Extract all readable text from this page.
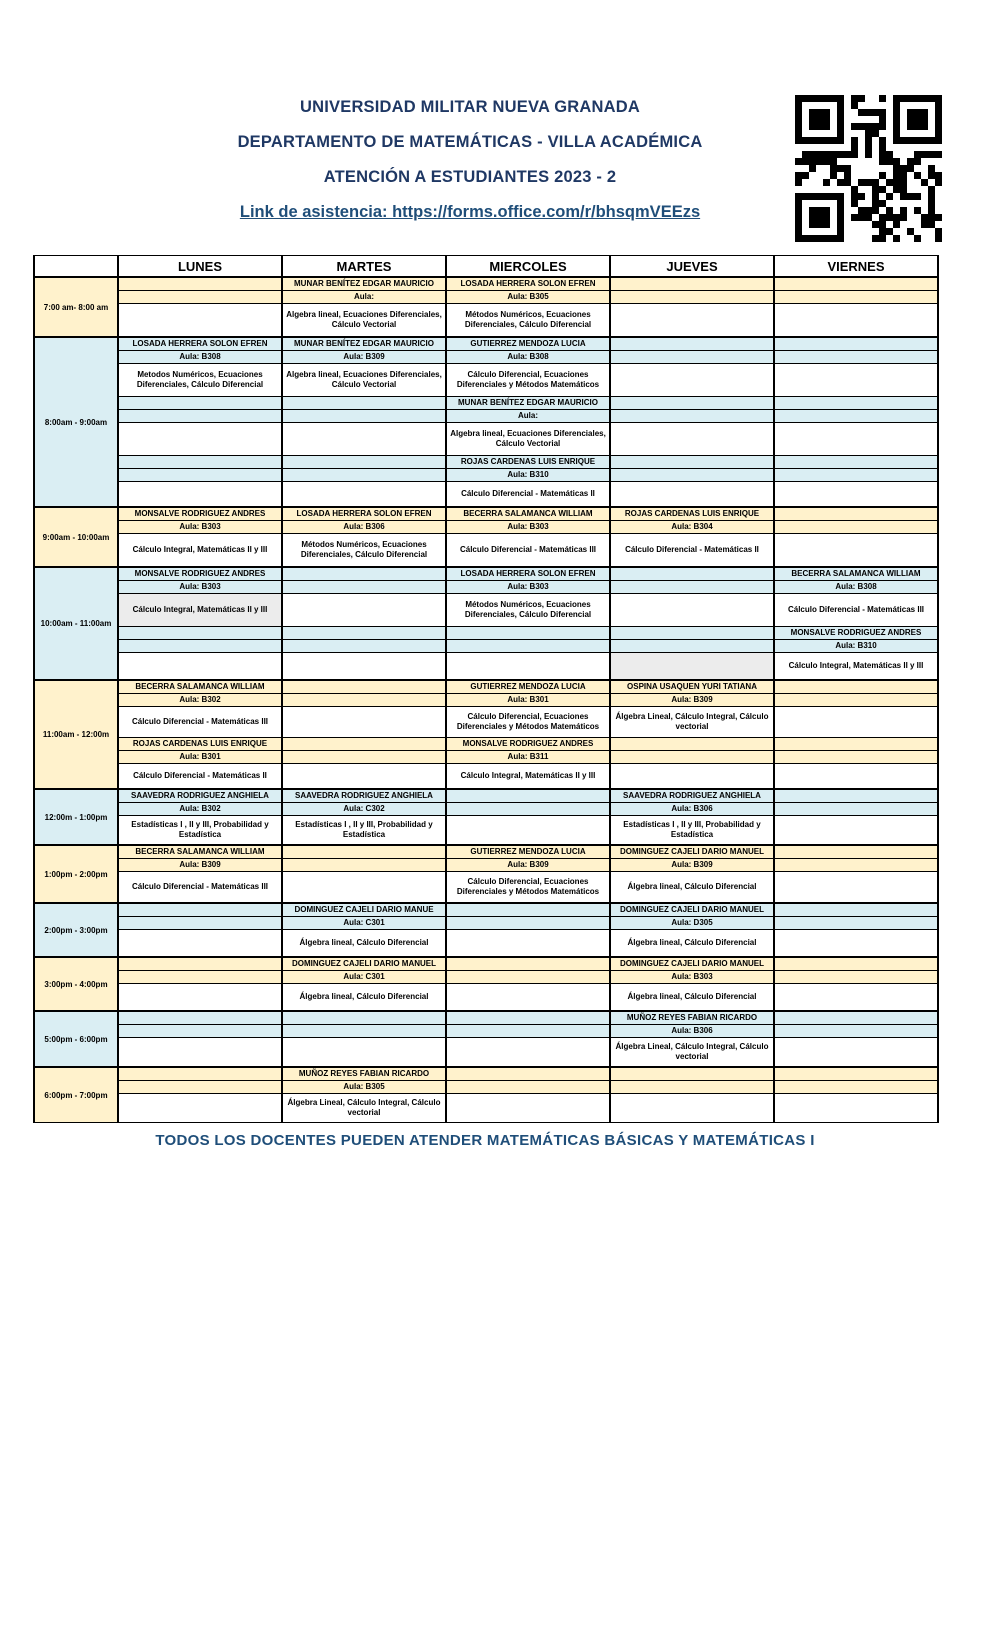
UNIVERSIDAD MILITAR NUEVA GRANADA
DEPARTAMENTO DE MATEMÁTICAS - VILLA ACADÉMICA
ATENCIÓN A ESTUDIANTES 2023 - 2
Link de asistencia: https://forms.office.com/r/bhsqmVEEzs
	LUNES	MARTES	MIERCOLES	JUEVES	VIERNES
7:00 am- 8:00 am		MUNAR BENÍTEZ EDGAR MAURICIO	LOSADA HERRERA SOLON EFREN		
		Aula:	Aula: B305		
		Algebra lineal, Ecuaciones Diferenciales, Cálculo Vectorial	Métodos Numéricos, Ecuaciones Diferenciales, Cálculo Diferencial		
8:00am - 9:00am	LOSADA HERRERA SOLON EFREN	MUNAR BENÍTEZ EDGAR MAURICIO	GUTIERREZ MENDOZA LUCIA		
	Aula: B308	Aula: B309	Aula: B308		
	Metodos Numéricos, Ecuaciones Diferenciales, Cálculo Diferencial	Algebra lineal, Ecuaciones Diferenciales, Cálculo Vectorial	Cálculo Diferencial, Ecuaciones Diferenciales y Métodos Matemáticos		
			MUNAR BENÍTEZ EDGAR MAURICIO		
			Aula:		
			Algebra lineal, Ecuaciones Diferenciales, Cálculo Vectorial		
			ROJAS CARDENAS LUIS ENRIQUE		
			Aula: B310		
			Cálculo Diferencial - Matemáticas II		
9:00am - 10:00am	MONSALVE RODRIGUEZ ANDRES	LOSADA HERRERA SOLON EFREN	BECERRA SALAMANCA WILLIAM	ROJAS CARDENAS LUIS ENRIQUE	
	Aula: B303	Aula: B306	Aula: B303	Aula: B304	
	Cálculo Integral, Matemáticas II y III	Métodos Numéricos, Ecuaciones Diferenciales, Cálculo Diferencial	Cálculo Diferencial - Matemáticas III	Cálculo Diferencial - Matemáticas II	
10:00am - 11:00am	MONSALVE RODRIGUEZ ANDRES		LOSADA HERRERA SOLON EFREN		BECERRA SALAMANCA WILLIAM
	Aula: B303		Aula: B303		Aula: B308
	Cálculo Integral, Matemáticas II y III		Métodos Numéricos, Ecuaciones Diferenciales, Cálculo Diferencial		Cálculo Diferencial - Matemáticas III
					MONSALVE RODRIGUEZ ANDRES
					Aula: B310
					Cálculo Integral, Matemáticas II y III
11:00am - 12:00m	BECERRA SALAMANCA WILLIAM		GUTIERREZ MENDOZA LUCIA	OSPINA USAQUEN YURI TATIANA	
	Aula: B302		Aula: B301	Aula: B309	
	Cálculo Diferencial - Matemáticas III		Cálculo Diferencial, Ecuaciones Diferenciales y Métodos Matemáticos	Álgebra Lineal, Cálculo Integral, Cálculo vectorial	
	ROJAS CARDENAS LUIS ENRIQUE		MONSALVE RODRIGUEZ ANDRES		
	Aula: B301		Aula: B311		
	Cálculo Diferencial - Matemáticas II		Cálculo Integral, Matemáticas II y III		
12:00m - 1:00pm	SAAVEDRA RODRIGUEZ ANGHIELA	SAAVEDRA RODRIGUEZ ANGHIELA		SAAVEDRA RODRIGUEZ ANGHIELA	
	Aula: B302	Aula: C302		Aula: B306	
	Estadísticas I , II y III, Probabilidad y Estadística	Estadísticas I , II y III, Probabilidad y Estadística		Estadísticas I , II y III, Probabilidad y Estadística	
1:00pm - 2:00pm	BECERRA SALAMANCA WILLIAM		GUTIERREZ MENDOZA LUCIA	DOMINGUEZ CAJELI DARIO MANUEL	
	Aula: B309		Aula: B309	Aula: B309	
	Cálculo Diferencial - Matemáticas III		Cálculo Diferencial, Ecuaciones Diferenciales y Métodos Matemáticos	Álgebra lineal, Cálculo Diferencial	
2:00pm - 3:00pm		DOMINGUEZ CAJELI DARIO MANUE		DOMINGUEZ CAJELI DARIO MANUEL	
		Aula: C301		Aula: D305	
		Álgebra lineal, Cálculo Diferencial		Álgebra lineal, Cálculo Diferencial	
3:00pm - 4:00pm		DOMINGUEZ CAJELI DARIO MANUEL		DOMINGUEZ CAJELI DARIO MANUEL	
		Aula: C301		Aula: B303	
		Álgebra lineal, Cálculo Diferencial		Álgebra lineal, Cálculo Diferencial	
5:00pm - 6:00pm				MUÑOZ REYES FABIAN RICARDO	
				Aula: B306	
				Álgebra Lineal, Cálculo Integral, Cálculo vectorial	
6:00pm - 7:00pm		MUÑOZ REYES FABIAN RICARDO			
		Aula: B305			
		Álgebra Lineal, Cálculo Integral, Cálculo vectorial			
TODOS LOS DOCENTES PUEDEN ATENDER MATEMÁTICAS BÁSICAS Y MATEMÁTICAS I
